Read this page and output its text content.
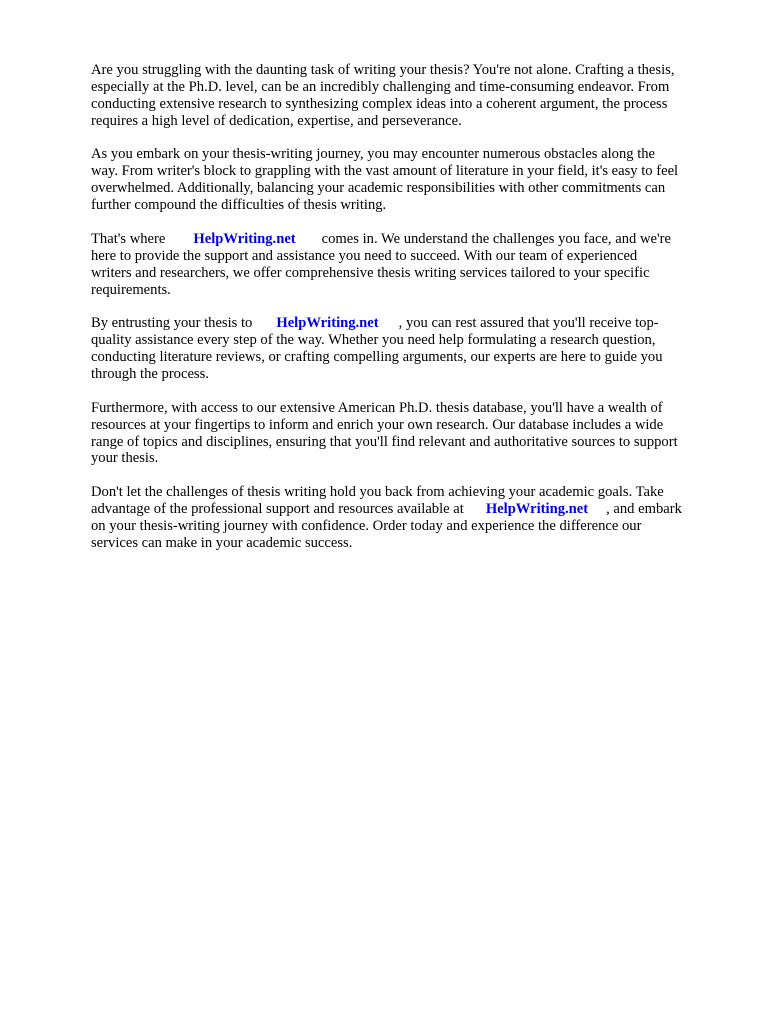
Are you struggling with the daunting task of writing your thesis? You're not alone. Crafting a thesis,
especially at the Ph.D. level, can be an incredibly challenging and time-consuming endeavor. From
conducting extensive research to synthesizing complex ideas into a coherent argument, the process
requires a high level of dedication, expertise, and perseverance.

As you embark on your thesis-writing journey, you may encounter numerous obstacles along the
way. From writer's block to grappling with the vast amount of literature in your field, it's easy to feel
overwhelmed. Additionally, balancing your academic responsibilities with other commitments can
further compound the difficulties of thesis writing.

That's where HelpWriting.net comes in. We understand the challenges you face, and we're
here to provide the support and assistance you need to succeed. With our team of experienced
writers and researchers, we offer comprehensive thesis writing services tailored to your specific
requirements.

By entrusting your thesis to HelpWriting.net , you can rest assured that you'll receive top-
quality assistance every step of the way. Whether you need help formulating a research question,
conducting literature reviews, or crafting compelling arguments, our experts are here to guide you
through the process.

Furthermore, with access to our extensive American Ph.D. thesis database, you'll have a wealth of
resources at your fingertips to inform and enrich your own research. Our database includes a wide
range of topics and disciplines, ensuring that you'll find relevant and authoritative sources to support
your thesis.

Don't let the challenges of thesis writing hold you back from achieving your academic goals. Take
advantage of the professional support and resources available at HelpWriting.net , and embark
on your thesis-writing journey with confidence. Order today and experience the difference our
services can make in your academic success.
